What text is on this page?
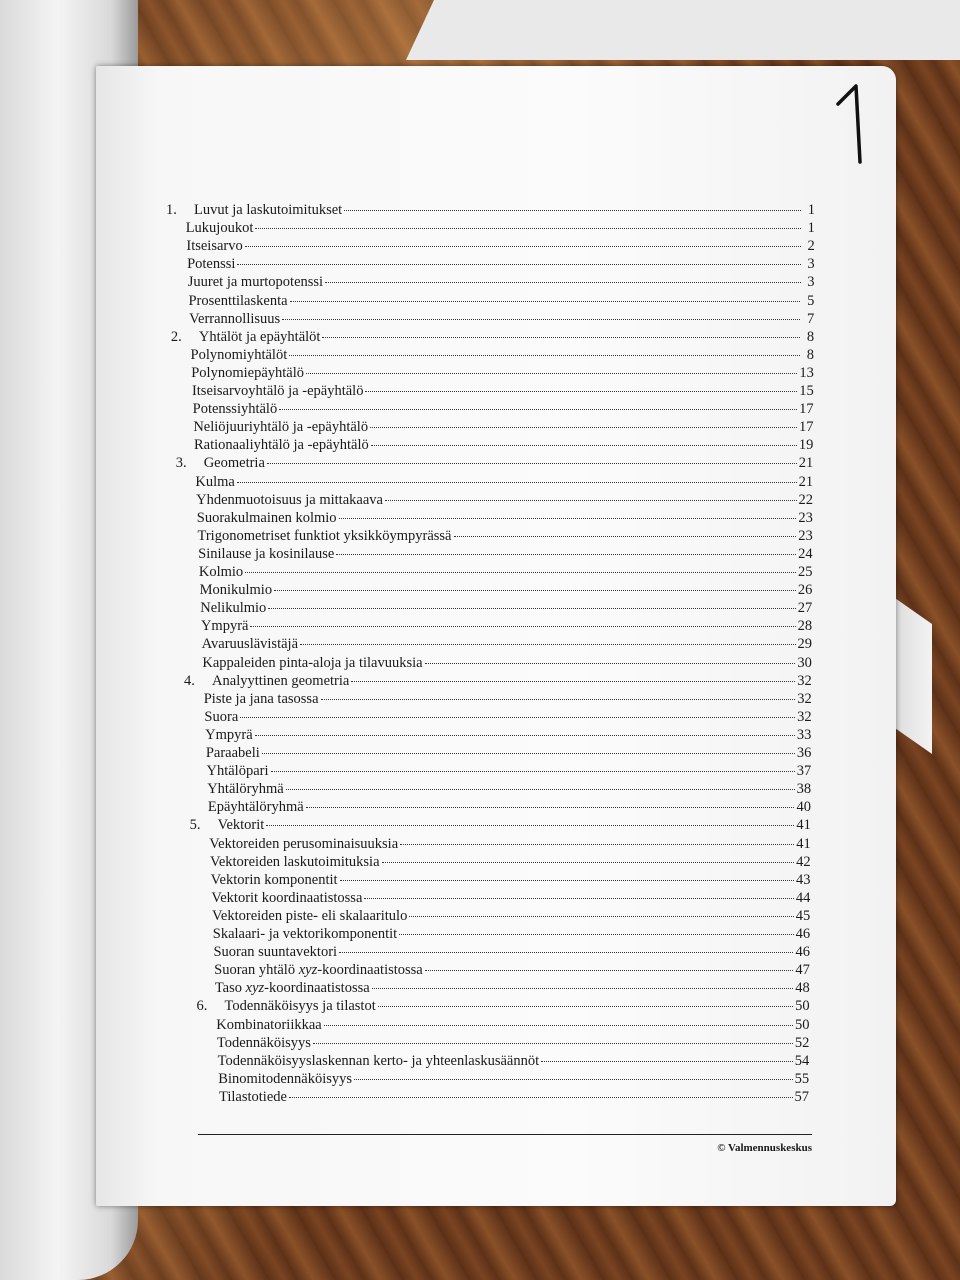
1.	Luvut ja laskutoimitukset	1
Lukujoukot	1
Itseisarvo	2
Potenssi	3
Juuret ja murtopotenssi	3
Prosenttilaskenta	5
Verrannollisuus	7
2.	Yhtälöt ja epäyhtälöt	8
Polynomiyhtälöt	8
Polynomiepäyhtälö	13
Itseisarvoyhtälö ja -epäyhtälö	15
Potenssiyhtälö	17
Neliöjuuriyhtälö ja -epäyhtälö	17
Rationaaliyhtälö ja -epäyhtälö	19
3.	Geometria	21
Kulma	21
Yhdenmuotoisuus ja mittakaava	22
Suorakulmainen kolmio	23
Trigonometriset funktiot yksikköympyrässä	23
Sinilause ja kosinilause	24
Kolmio	25
Monikulmio	26
Nelikulmio	27
Ympyrä	28
Avaruuslävistäjä	29
Kappaleiden pinta-aloja ja tilavuuksia	30
4.	Analyyttinen geometria	32
Piste ja jana tasossa	32
Suora	32
Ympyrä	33
Paraabeli	36
Yhtälöpari	37
Yhtälöryhmä	38
Epäyhtälöryhmä	40
5.	Vektorit	41
Vektoreiden perusominaisuuksia	41
Vektoreiden laskutoimituksia	42
Vektorin komponentit	43
Vektorit koordinaatistossa	44
Vektoreiden piste- eli skalaaritulo	45
Skalaari- ja vektorikomponentit	46
Suoran suuntavektori	46
Suoran yhtälö xyz-koordinaatistossa	47
Taso xyz-koordinaatistossa	48
6.	Todennäköisyys ja tilastot	50
Kombinatoriikkaa	50
Todennäköisyys	52
Todennäköisyyslaskennan kerto- ja yhteenlaskusäännöt	54
Binomitodennäköisyys	55
Tilastotiede	57
© Valmennuskeskus
